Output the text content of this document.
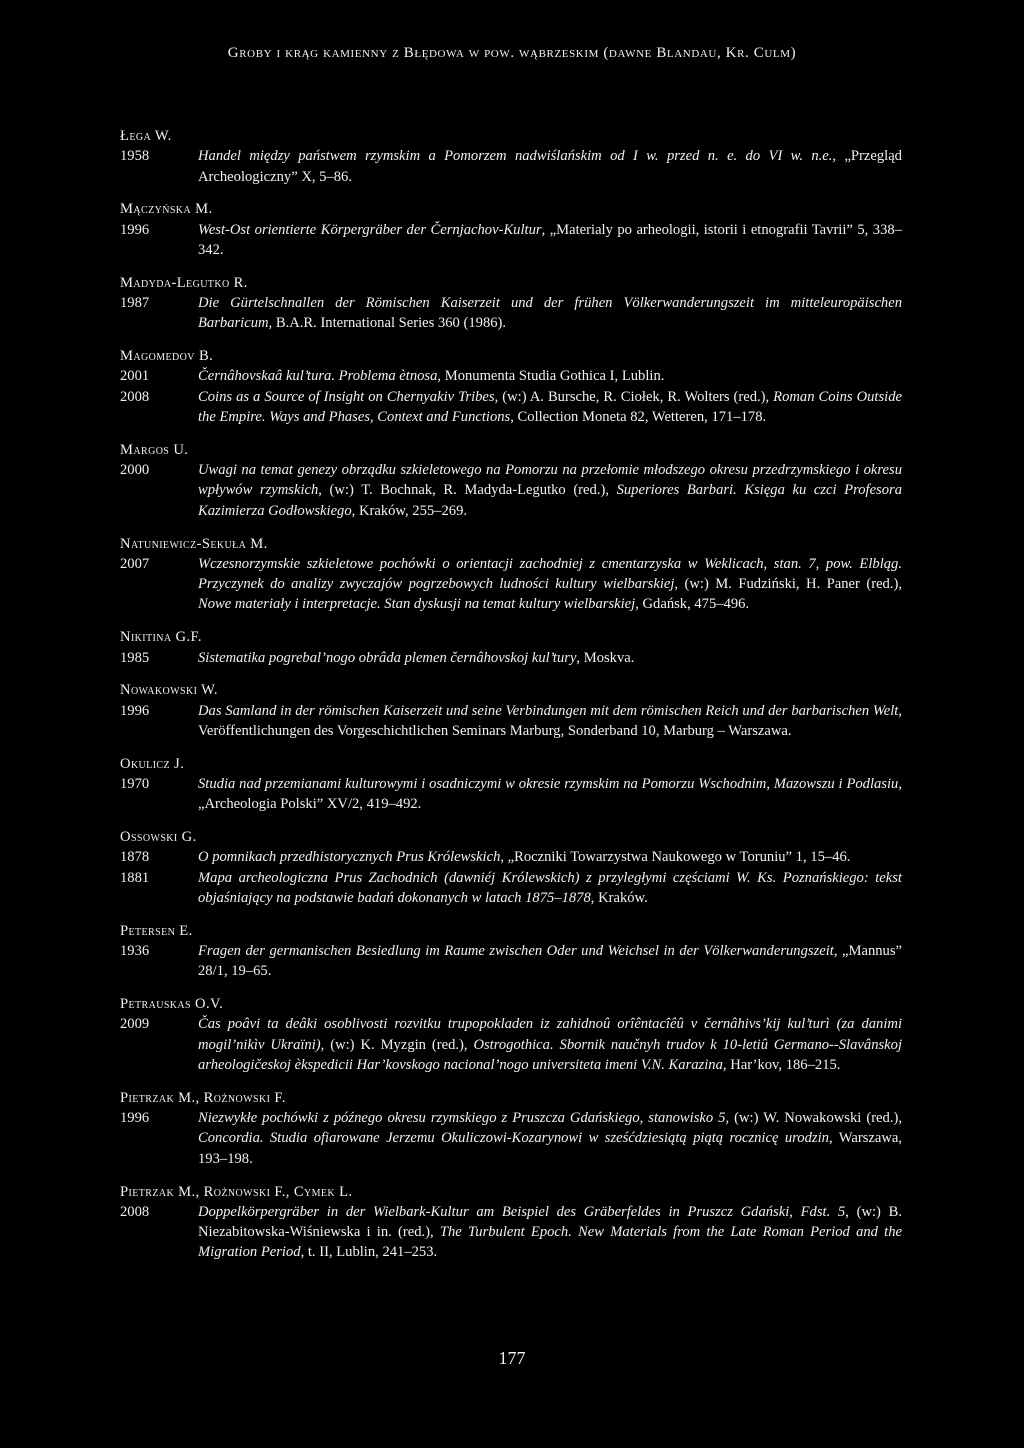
Groby i krąg kamienny z Błędowa w pow. wąbrzeskim (dawne Blandau, Kr. Culm)
Łega W.
1958	Handel między państwem rzymskim a Pomorzem nadwiślańskim od I w. przed n. e. do VI w. n.e., „Przegląd Archeologiczny” X, 5–86.
Mączyńska M.
1996	West-Ost orientierte Körpergräber der Černjachov-Kultur, „Materialy po arheologii, istorii i etnografii Tavrii” 5, 338–342.
Madyda-Legutko R.
1987	Die Gürtelschnallen der Römischen Kaiserzeit und der frühen Völkerwanderungszeit im mitteleuropäischen Barbaricum, B.A.R. International Series 360 (1986).
Magomedov B.
2001	Černâhovskaâ kul’tura. Problema ètnosa, Monumenta Studia Gothica I, Lublin.
2008	Coins as a Source of Insight on Chernyakiv Tribes, (w:) A. Bursche, R. Ciołek, R. Wolters (red.), Roman Coins Outside the Empire. Ways and Phases, Context and Functions, Collection Moneta 82, Wetteren, 171–178.
Margos U.
2000	Uwagi na temat genezy obrządku szkieletowego na Pomorzu na przełomie młodszego okresu przedrzymskiego i okresu wpływów rzymskich, (w:) T. Bochnak, R. Madyda-Legutko (red.), Superiores Barbari. Księga ku czci Profesora Kazimierza Godłowskiego, Kraków, 255–269.
Natuniewicz-Sekuła M.
2007	Wczesnorzymskie szkieletowe pochówki o orientacji zachodniej z cmentarzyska w Weklicach, stan. 7, pow. Elbląg. Przyczynek do analizy zwyczajów pogrzebowych ludności kultury wielbarskiej, (w:) M. Fudziński, H. Paner (red.), Nowe materiały i interpretacje. Stan dyskusji na temat kultury wielbarskiej, Gdańsk, 475–496.
Nikitina G.F.
1985	Sistematika pogrebal’nogo obrâda plemen černâhovskoj kul’tury, Moskva.
Nowakowski W.
1996	Das Samland in der römischen Kaiserzeit und seine Verbindungen mit dem römischen Reich und der barbarischen Welt, Veröffentlichungen des Vorgeschichtlichen Seminars Marburg, Sonderband 10, Marburg – Warszawa.
Okulicz J.
1970	Studia nad przemianami kulturowymi i osadniczymi w okresie rzymskim na Pomorzu Wschodnim, Mazowszu i Podlasiu, „Archeologia Polski” XV/2, 419–492.
Ossowski G.
1878	O pomnikach przedhistorycznych Prus Królewskich, „Roczniki Towarzystwa Naukowego w Toruniu” 1, 15–46.
1881	Mapa archeologiczna Prus Zachodnich (dawniéj Królewskich) z przyległymi częściami W. Ks. Poznańskiego: tekst objaśniający na podstawie badań dokonanych w latach 1875–1878, Kraków.
Petersen E.
1936	Fragen der germanischen Besiedlung im Raume zwischen Oder und Weichsel in der Völkerwanderungszeit, „Mannus” 28/1, 19–65.
Petrauskas O.V.
2009	Čas poâvi ta deâki osoblivosti rozvitku trupopokladen iz zahidnoû orîêntacîêû v černâhivs’kij kul’turì (za danimi mogil’nikìv Ukraïni), (w:) K. Myzgin (red.), Ostrogothica. Sbornik naučnyh trudov k 10-letiû Germano--Slavânskoj arheologičeskoj èkspedicii Har’kovskogo nacional’nogo universiteta imeni V.N. Karazina, Har’kov, 186–215.
Pietrzak M., Rożnowski F.
1996	Niezwykłe pochówki z późnego okresu rzymskiego z Pruszcza Gdańskiego, stanowisko 5, (w:) W. Nowakowski (red.), Concordia. Studia ofiarowane Jerzemu Okuliczowi-Kozarynowi w sześćdziesiątą piątą rocznicę urodzin, Warszawa, 193–198.
Pietrzak M., Rożnowski F., Cymek L.
2008	Doppelkörpergräber in der Wielbark-Kultur am Beispiel des Gräberfeldes in Pruszcz Gdański, Fdst. 5, (w:) B. Niezabitowska-Wiśniewska i in. (red.), The Turbulent Epoch. New Materials from the Late Roman Period and the Migration Period, t. II, Lublin, 241–253.
177
